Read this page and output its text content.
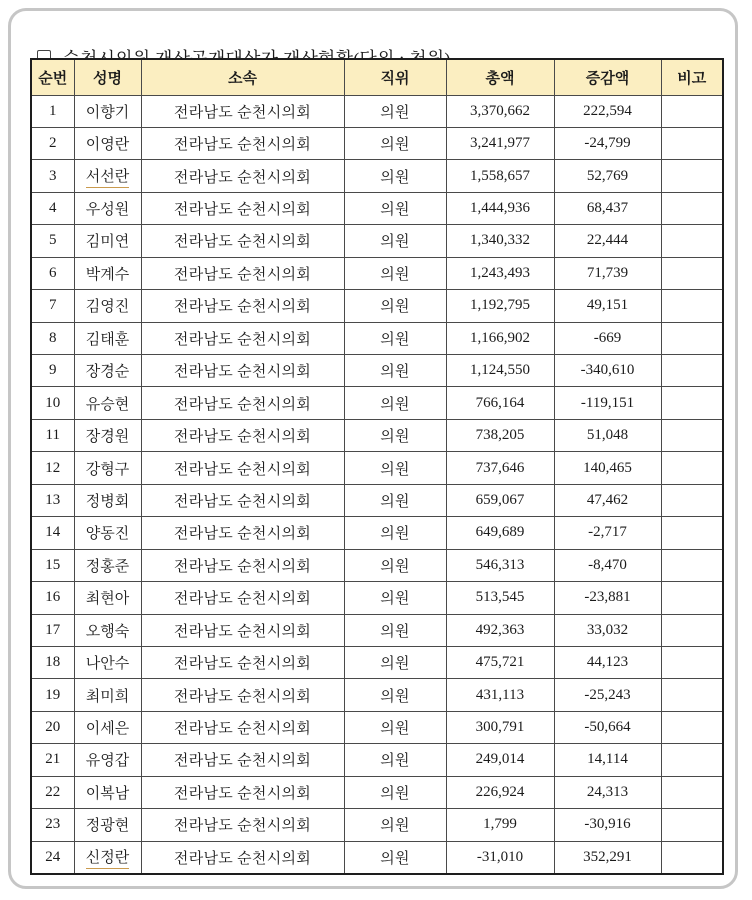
순번	성명	소속	직위	총액	증감액	비고
1	이향기	전라남도 순천시의회	의원	3,370,662	222,594	
2	이영란	전라남도 순천시의회	의원	3,241,977	-24,799	
3	서선란	전라남도 순천시의회	의원	1,558,657	52,769	
4	우성원	전라남도 순천시의회	의원	1,444,936	68,437	
5	김미연	전라남도 순천시의회	의원	1,340,332	22,444	
6	박계수	전라남도 순천시의회	의원	1,243,493	71,739	
7	김영진	전라남도 순천시의회	의원	1,192,795	49,151	
8	김태훈	전라남도 순천시의회	의원	1,166,902	-669	
9	장경순	전라남도 순천시의회	의원	1,124,550	-340,610	
10	유승현	전라남도 순천시의회	의원	766,164	-119,151	
11	장경원	전라남도 순천시의회	의원	738,205	51,048	
12	강형구	전라남도 순천시의회	의원	737,646	140,465	
13	정병회	전라남도 순천시의회	의원	659,067	47,462	
14	양동진	전라남도 순천시의회	의원	649,689	-2,717	
15	정홍준	전라남도 순천시의회	의원	546,313	-8,470	
16	최현아	전라남도 순천시의회	의원	513,545	-23,881	
17	오행숙	전라남도 순천시의회	의원	492,363	33,032	
18	나안수	전라남도 순천시의회	의원	475,721	44,123	
19	최미희	전라남도 순천시의회	의원	431,113	-25,243	
20	이세은	전라남도 순천시의회	의원	300,791	-50,664	
21	유영갑	전라남도 순천시의회	의원	249,014	14,114	
22	이복남	전라남도 순천시의회	의원	226,924	24,313	
23	정광현	전라남도 순천시의회	의원	1,799	-30,916	
24	신정란	전라남도 순천시의회	의원	-31,010	352,291	
